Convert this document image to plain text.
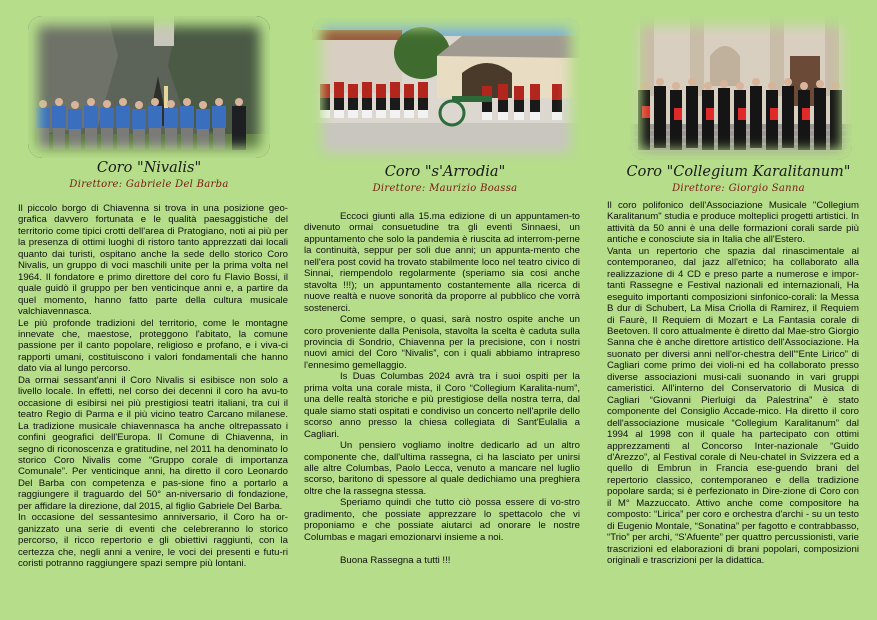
Coro "Nivalis"
Direttore: Gabriele Del Barba
Coro "s'Arrodia"
Direttore: Maurizio Boassa
Coro "Collegium Karalitanum"
Direttore: Giorgio Sanna

Il piccolo borgo di Chiavenna si trova in una posizione geo-grafica davvero fortunata e le qualità paesaggistiche del territorio come tipici crotti dell'area di Pratogiano, noti ai più per la presenza di ottimi luoghi di ristoro tanto apprezzati dai locali quanto dai turisti, ospitano anche la sede dello storico Coro Nivalis, un gruppo di voci maschili unite per la prima volta nel 1964. Il fondatore e primo direttore del coro fu Flavio Bossi, il quale guidò il gruppo per ben venticinque anni e, a partire da quel momento, hanno fatto parte della cultura musicale valchiavennasca.

Le più profonde tradizioni del territorio, come le montagne innevate che, maestose, proteggono l'abitato, la comune passione per il canto popolare, religioso e profano, e i viva-ci rapporti umani, costituiscono i valori fondamentali che hanno dato via al lungo percorso.

Da ormai sessant'anni il Coro Nivalis si esibisce non solo a livello locale. In effetti, nel corso dei decenni il coro ha avu-to occasione di esibirsi nei più prestigiosi teatri italiani, tra cui il teatro Regio di Parma e il più vicino teatro Carcano milanese. La tradizione musicale chiavennasca ha anche oltrepassato i confini geografici dell'Europa. Il Comune di Chiavenna, in segno di riconoscenza e gratitudine, nel 2011 ha denominato lo storico Coro Nivalis come “Gruppo corale di importanza Comunale”. Per venticinque anni, ha diretto il coro Leonardo Del Barba con competenza e pas-sione fino a portarlo a raggiungere il traguardo del 50° an-niversario di fondazione, per affidare la direzione, dal 2015, al figlio Gabriele Del Barba.

In occasione del sessantesimo anniversario, il Coro ha or-ganizzato una serie di eventi che celebreranno lo storico percorso, il ricco repertorio e gli obiettivi raggiunti, con la certezza che, negli anni a venire, le voci dei presenti e futu-ri coristi potranno raggiungere spazi sempre più lontani.

Eccoci giunti alla 15.ma edizione di un appuntamen-to divenuto ormai consuetudine tra gli eventi Sinnaesi, un appuntamento che solo la pandemia è riuscita ad interrom-perne la continuità, seppur per soli due anni; un appunta-mento che nell'era post covid ha trovato stabilmente loco nel teatro civico di Sinnai, riempendolo regolarmente (speriamo sia cosi anche stavolta !!!); un appuntamento costantemente alla ricerca di nuove realtà e nuove sonorità da proporre al pubblico che vorrà sostenerci.

Come sempre, o quasi, sarà nostro ospite anche un coro proveniente dalla Penisola, stavolta la scelta è caduta sulla provincia di Sondrio, Chiavenna per la precisione, con i nostri nuovi amici del Coro “Nivalis”, con i quali abbiamo intrapreso l'ennesimo gemellaggio.

Is Duas Columbas 2024 avrà tra i suoi ospiti per la prima volta una corale mista, il Coro “Collegium Karalita-num”, una delle realtà storiche e più prestigiose della nostra terra, dal quale siamo stati ospitati e condiviso un concerto nell'aprile dello scorso anno presso la chiesa collegiata di Sant'Eulalia a Cagliari.

Un pensiero vogliamo inoltre dedicarlo ad un altro componente che, dall'ultima rassegna, ci ha lasciato per unirsi alle altre Columbas, Paolo Lecca, venuto a mancare nel luglio scorso, baritono di spessore al quale dedichiamo una preghiera oltre che la rassegna stessa.

Speriamo quindi che tutto ciò possa essere di vo-stro gradimento, che possiate apprezzare lo spettacolo che vi proponiamo e che possiate aiutarci ad onorare le nostre Columbas e magari emozionarvi insieme a noi.

Buona Rassegna a tutti !!!

Il coro polifonico dell'Associazione Musicale "Collegium Karalitanum" studia e produce molteplici progetti artistici. In attività da 50 anni è una delle formazioni corali sarde più antiche e conosciute sia in Italia che all'Estero.

Vanta un repertorio che spazia dal rinascimentale al contemporaneo, dal jazz all'etnico; ha collaborato alla realizzazione di 4 CD e preso parte a numerose e impor-tanti Rassegne e Festival nazionali ed internazionali, Ha eseguito importanti composizioni sinfonico-corali: la Messa B dur di Schubert, La Misa Criolla di Ramirez, il Requiem di Faurè, Il Requiem di Mozart e La Fantasia corale di Beetoven. Il coro attualmente è diretto dal Mae-stro Giorgio Sanna che è anche direttore artistico dell'Associazione. Ha suonato per diversi anni nell'or-chestra dell'“Ente Lirico” di Cagliari come primo dei violi-ni ed ha collaborato presso diverse associazioni musi-cali suonando in vari gruppi cameristici. All'interno del Conservatorio di Musica di Cagliari “Giovanni Pierluigi da Palestrina” è stato componente del Consiglio Accade-mico. Ha diretto il coro dell'associazione musicale “Collegium Karalitanum” dal 1994 al 1998 con il quale ha partecipato con ottimi apprezzamenti al Concorso Inter-nazionale “Guido d'Arezzo”, al Festival corale di Neu-chatel in Svizzera ed a quello di Embrun in Francia ese-guendo brani del repertorio classico, contemporaneo e della tradizione popolare sarda; si è perfezionato in Dire-zione di Coro con il M° Mazzuccato. Attivo anche come compositore ha composto: “Lirica” per coro e orchestra d'archi - su un testo di Eugenio Montale, “Sonatina” per fagotto e contrabbasso, “Trio” per archi, “S'Afuente” per quattro percussionisti, varie trascrizioni ed elaborazioni di brani popolari, composizioni originali e trascrizioni per la didattica.
